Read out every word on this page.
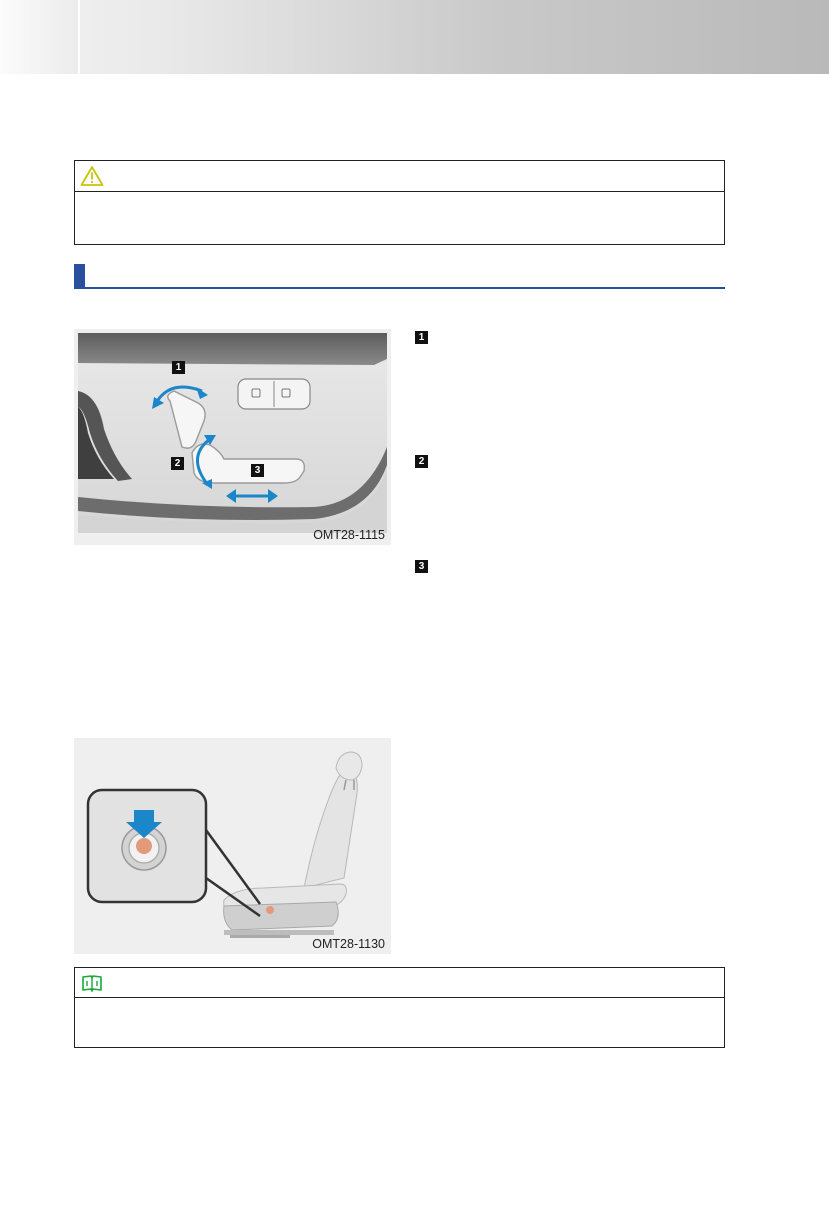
1
2
3
OMT28-1115
1
2
3
OMT28-1130
